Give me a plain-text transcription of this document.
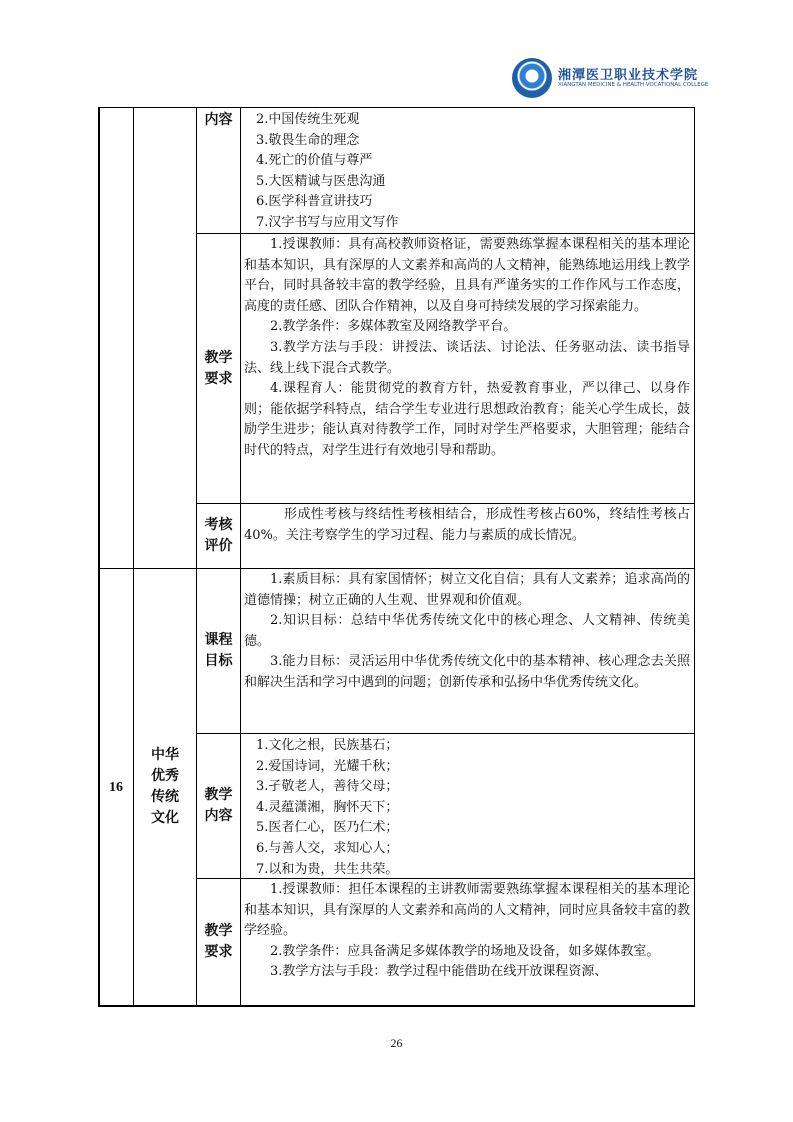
湘潭医卫职业技术学院
XIANGTAN MEDICINE & HEALTH VOCATIONAL COLLEGE
内容 2.中国传统生死观

3.敬畏生命的理念

4.死亡的价值与尊严

5.大医精诚与医患沟通

6.医学科普宣讲技巧

7.汉字书写与应用文写作

教学
要求

1.授课教师：具有高校教师资格证，需要熟练掌握本课程相关的基本理论和基本知识，具有深厚的人文素养和高尚的人文精神，能熟练地运用线上教学平台，同时具备较丰富的教学经验，且具有严谨务实的工作作风与工作态度，高度的责任感、团队合作精神，以及自身可持续发展的学习探索能力。

2.教学条件：多媒体教室及网络教学平台。

3.教学方法与手段：讲授法、谈话法、讨论法、任务驱动法、读书指导法、线上线下混合式教学。

4.课程育人：能贯彻党的教育方针，热爱教育事业，严以律己、以身作则；能依据学科特点，结合学生专业进行思想政治教育；能关心学生成长，鼓励学生进步；能认真对待教学工作，同时对学生严格要求，大胆管理；能结合时代的特点，对学生进行有效地引导和帮助。

考核
评价

形成性考核与终结性考核相结合，形成性考核占60%，终结性考核占40%。关注考察学生的学习过程、能力与素质的成长情况。

16
中华
优秀
传统
文化
课程
目标

1.素质目标：具有家国情怀；树立文化自信；具有人文素养；追求高尚的道德情操；树立正确的人生观、世界观和价值观。

2.知识目标：总结中华优秀传统文化中的核心理念、人文精神、传统美德。

3.能力目标：灵活运用中华优秀传统文化中的基本精神、核心理念去关照和解决生活和学习中遇到的问题；创新传承和弘扬中华优秀传统文化。

教学
内容

1.文化之根，民族基石；

2.爱国诗词，光耀千秋；

3.孑敬老人，善待父母；

4.灵蕴潇湘，胸怀天下；

5.医者仁心，医乃仁术；

6.与善人交，求知心人；

7.以和为贵，共生共荣。

教学
要求

1.授课教师：担任本课程的主讲教师需要熟练掌握本课程相关的基本理论和基本知识，具有深厚的人文素养和高尚的人文精神，同时应具备较丰富的教学经验。

2.教学条件：应具备满足多媒体教学的场地及设备，如多媒体教室。

3.教学方法与手段：教学过程中能借助在线开放课程资源、

26
